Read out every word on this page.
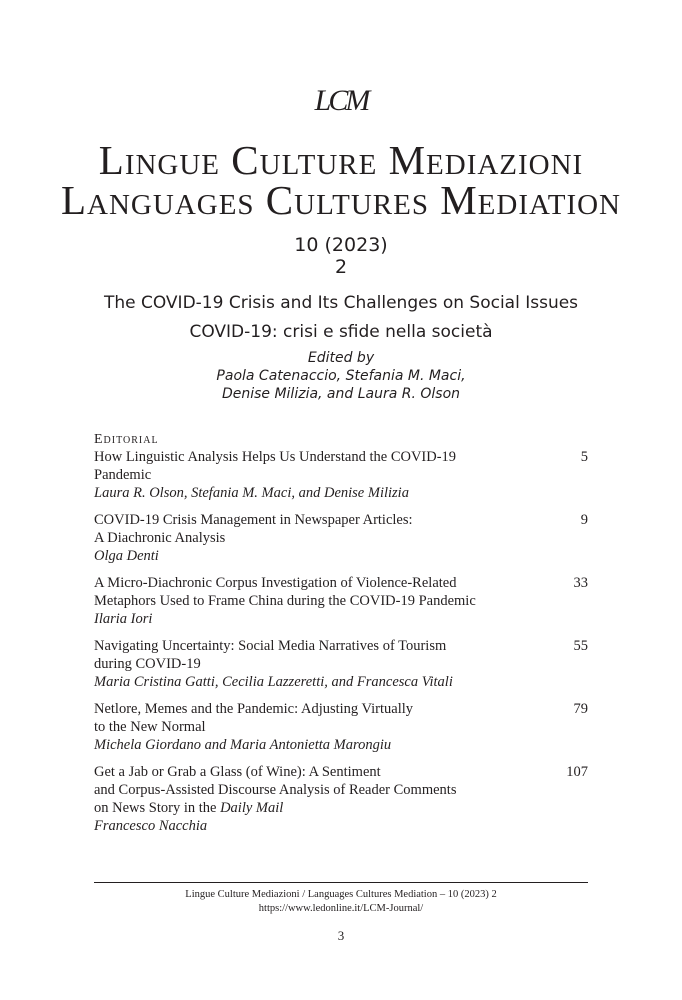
LCM
Lingue Culture Mediazioni
Languages Cultures Mediation
10 (2023)
2
The COVID-19 Crisis and Its Challenges on Social Issues
COVID-19: crisi e sfide nella società
Edited by
Paola Catenaccio, Stefania M. Maci,
Denise Milizia, and Laura R. Olson
Editorial
How Linguistic Analysis Helps Us Understand the COVID-19
Pandemic
Laura R. Olson, Stefania M. Maci, and Denise Milizia
5
COVID-19 Crisis Management in Newspaper Articles:
A Diachronic Analysis
Olga Denti
9
A Micro-Diachronic Corpus Investigation of Violence-Related
Metaphors Used to Frame China during the COVID-19 Pandemic
Ilaria Iori
33
Navigating Uncertainty: Social Media Narratives of Tourism
during COVID-19
Maria Cristina Gatti, Cecilia Lazzeretti, and Francesca Vitali
55
Netlore, Memes and the Pandemic: Adjusting Virtually
to the New Normal
Michela Giordano and Maria Antonietta Marongiu
79
Get a Jab or Grab a Glass (of Wine): A Sentiment
and Corpus-Assisted Discourse Analysis of Reader Comments
on News Story in the Daily Mail
Francesco Nacchia
107
Lingue Culture Mediazioni / Languages Cultures Mediation – 10 (2023) 2
https://www.ledonline.it/LCM-Journal/
3
